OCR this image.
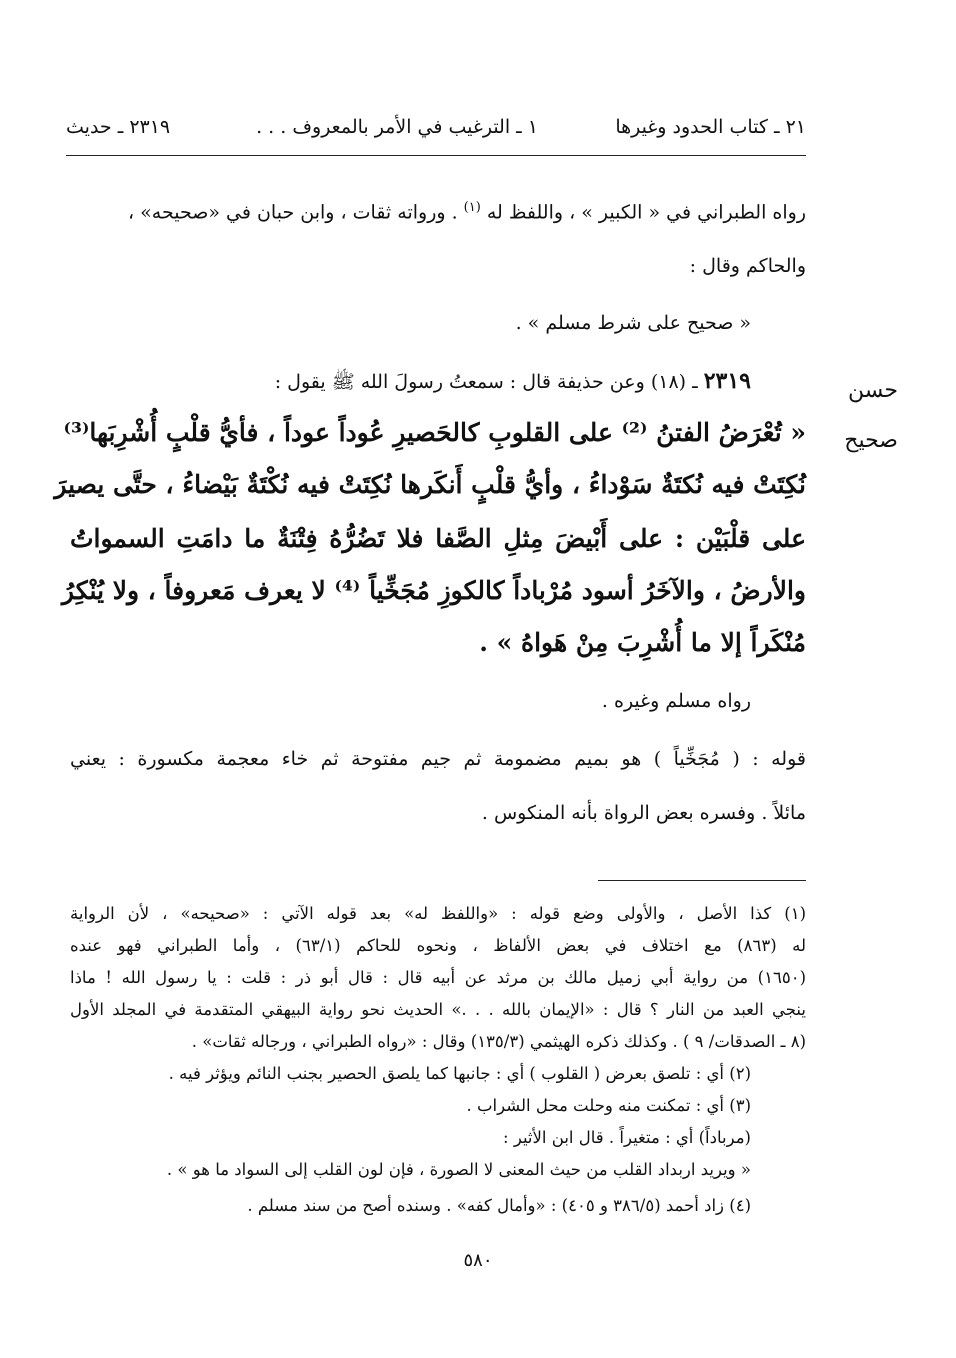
٢١ ـ كتاب الحدود وغيرها
١ ـ الترغيب في الأمر بالمعروف . . .
٢٣١٩ ـ حديث
رواه الطبراني في « الكبير » ، واللفظ له $^{(١)}$ . ورواته ثقات ، وابن حبان في «صحيحه» ،
والحاكم وقال :
« صحيح على شرط مسلم » .
حسن
صحيح
٢٣١٩ ـ (١٨) وعن حذيفة قال : سمعتُ رسولَ الله ﷺ يقول :
« تُعْرَضُ الفتنُ ⁽²⁾ على القلوبِ كالحَصيرِ عُوداً عوداً ، فأيُّ قلْبٍ أُشْرِبَها⁽³⁾
نُكِتَتْ فيه نُكتَةٌ سَوْداءُ ، وأيُّ قلْبٍ أَنكَرها نُكِتَتْ فيه نُكْتَةٌ بَيْضاءُ ، حتَّى يصيرَ
على قلْبَيْن : على أَبْيضَ مِثلِ الصَّفا فلا تَضُرُّهُ فِتْنَةٌ ما دامَتِ السمواتُ
والأرضُ ، والآخَرُ أسود مُرْباداً كالكوزِ مُجَخِّياً ⁽⁴⁾ لا يعرف مَعروفاً ، ولا يُنْكِرُ
مُنْكَراً إلا ما أُشْرِبَ مِنْ هَواهُ » .
رواه مسلم وغيره .
قوله : ( مُجَخِّياً ) هو بميم مضمومة ثم جيم مفتوحة ثم خاء معجمة مكسورة : يعني
مائلاً . وفسره بعض الرواة بأنه المنكوس .
(١) كذا الأصل ، والأولى وضع قوله : «واللفظ له» بعد قوله الآتي : «صحيحه» ، لأن الرواية
له (٨٦٣) مع اختلاف في بعض الألفاظ ، ونحوه للحاكم (٦٣/١) ، وأما الطبراني فهو عنده
(١٦٥٠) من رواية أبي زميل مالك بن مرثد عن أبيه قال : قال أبو ذر : قلت : يا رسول الله ! ماذا
ينجي العبد من النار ؟ قال : «الإيمان بالله . . .» الحديث نحو رواية البيهقي المتقدمة في المجلد الأول
(٨ ـ الصدقات/ ٩ ) . وكذلك ذكره الهيثمي (١٣٥/٣) وقال : «رواه الطبراني ، ورجاله ثقات» .
(٢) أي : تلصق بعرض ( القلوب ) أي : جانبها كما يلصق الحصير بجنب النائم ويؤثر فيه .
(٣) أي : تمكنت منه وحلت محل الشراب .
(مرباداً) أي : متغيراً . قال ابن الأثير :
« ويريد اربداد القلب من حيث المعنى لا الصورة ، فإن لون القلب إلى السواد ما هو » .
(٤) زاد أحمد (٣٨٦/٥ و ٤٠٥) : «وأمال كفه» . وسنده أصح من سند مسلم .
٥٨٠
